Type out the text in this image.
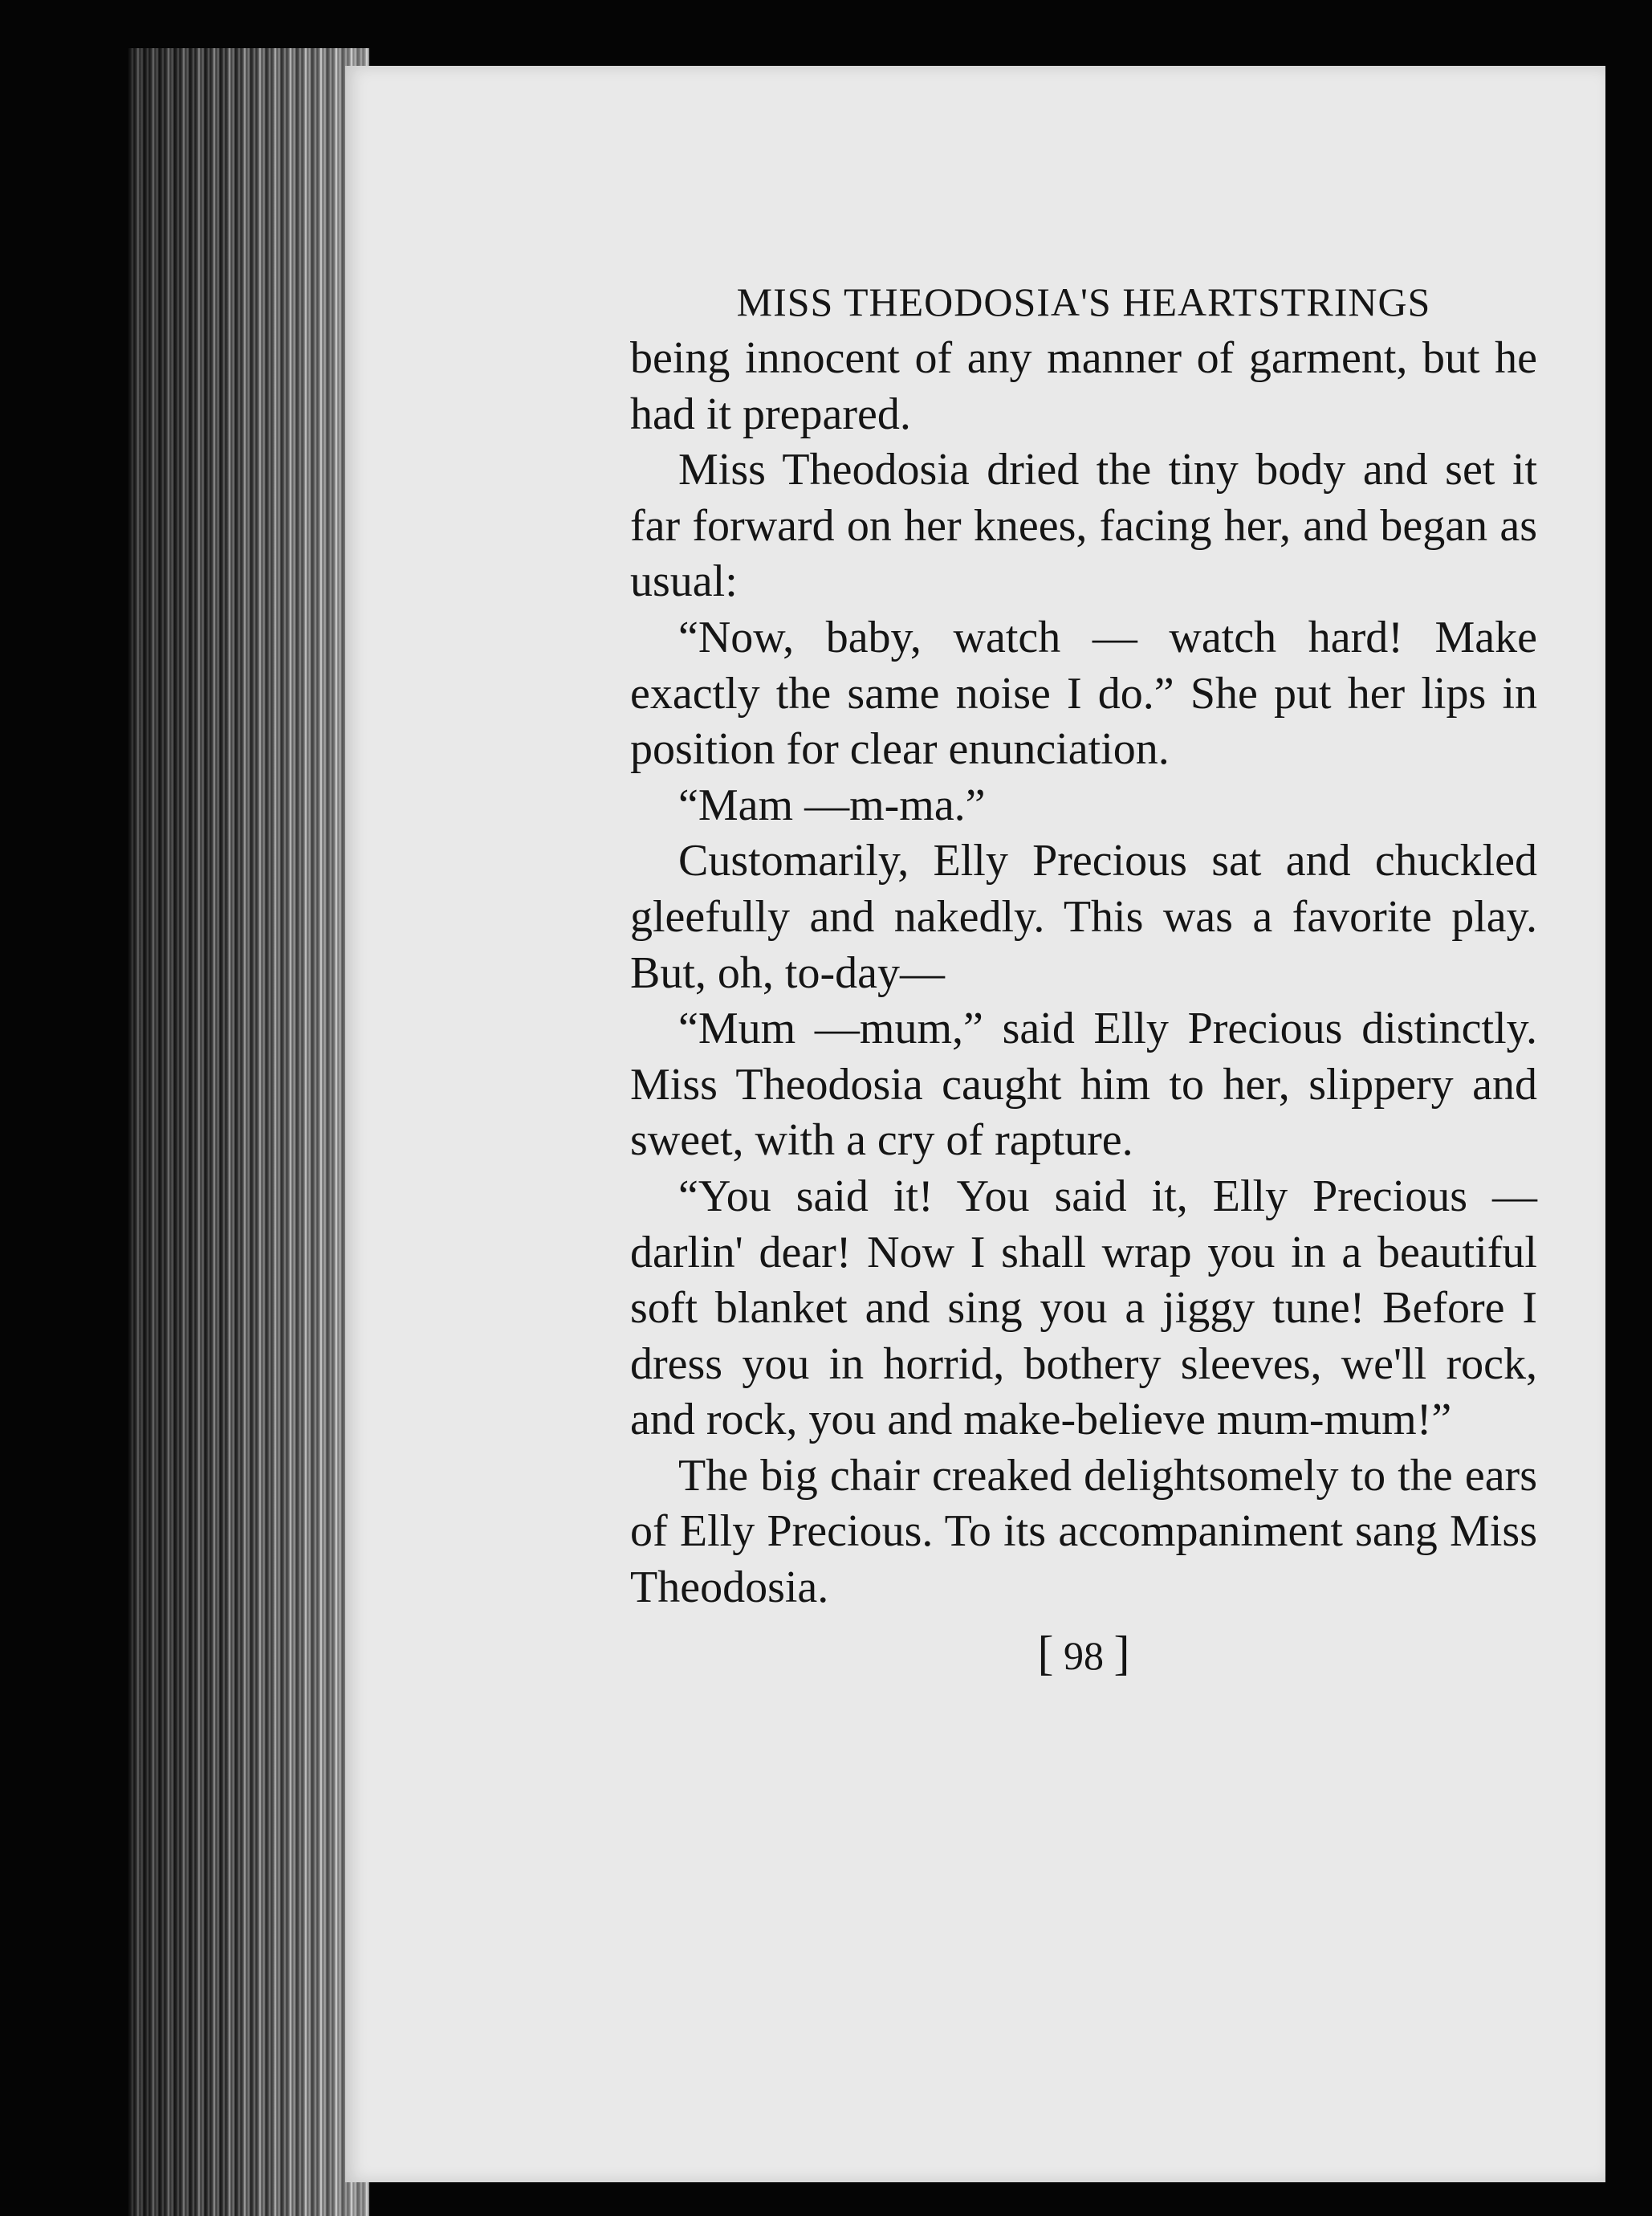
MISS THEODOSIA'S HEARTSTRINGS

being innocent of any manner of garment, but he had it prepared.

Miss Theodosia dried the tiny body and set it far forward on her knees, facing her, and began as usual:

“Now, baby, watch — watch hard! Make exactly the same noise I do.” She put her lips in position for clear enunciation.

“Mam —m-ma.”

Customarily, Elly Precious sat and chuckled gleefully and nakedly. This was a favorite play. But, oh, to-day—

“Mum —mum,” said Elly Precious distinctly. Miss Theodosia caught him to her, slippery and sweet, with a cry of rapture.

“You said it! You said it, Elly Precious — darlin' dear! Now I shall wrap you in a beautiful soft blanket and sing you a jiggy tune! Before I dress you in horrid, bothery sleeves, we'll rock, and rock, you and make-believe mum-mum!”

The big chair creaked delightsomely to the ears of Elly Precious. To its accompaniment sang Miss Theodosia.

[ 98 ]
